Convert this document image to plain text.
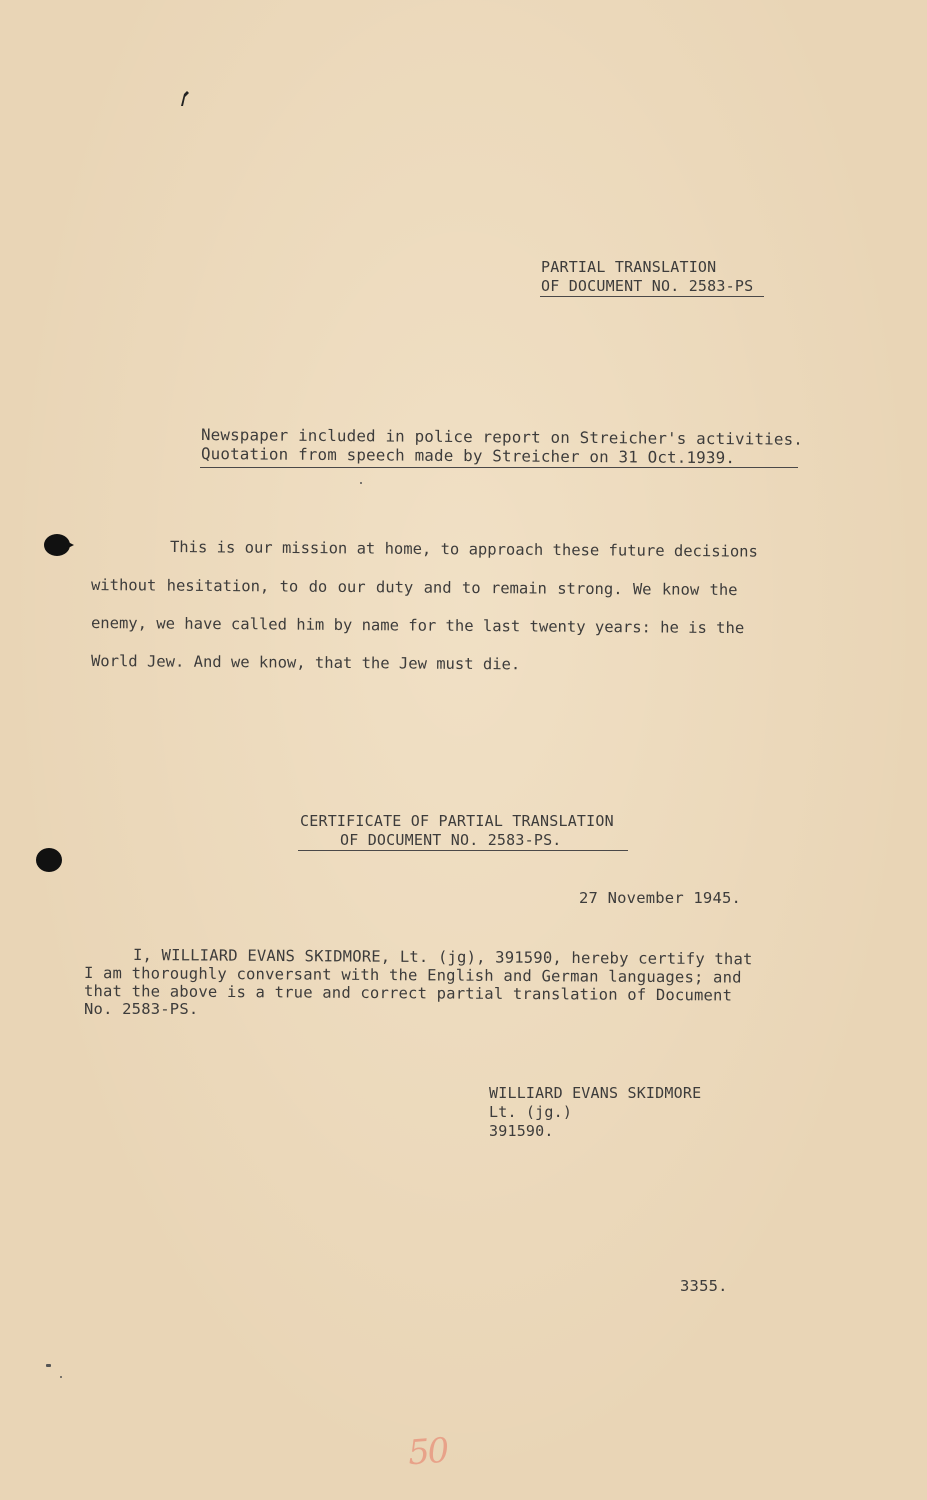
PARTIAL TRANSLATION
OF DOCUMENT NO. 2583-PS
Newspaper included in police report on Streicher's activities.
Quotation from speech made by Streicher on 31 Oct.1939.
This is our mission at home, to approach these future decisions
without hesitation, to do our duty and to remain strong. We know the
enemy, we have called him by name for the last twenty years: he is the
World Jew. And we know, that the Jew must die.
CERTIFICATE OF PARTIAL TRANSLATION
OF DOCUMENT NO. 2583-PS.
27 November 1945.
I, WILLIARD EVANS SKIDMORE, Lt. (jg), 391590, hereby certify that
I am thoroughly conversant with the English and German languages; and
that the above is a true and correct partial translation of Document
No. 2583-PS.
WILLIARD EVANS SKIDMORE
Lt. (jg.)
391590.
3355.
50
